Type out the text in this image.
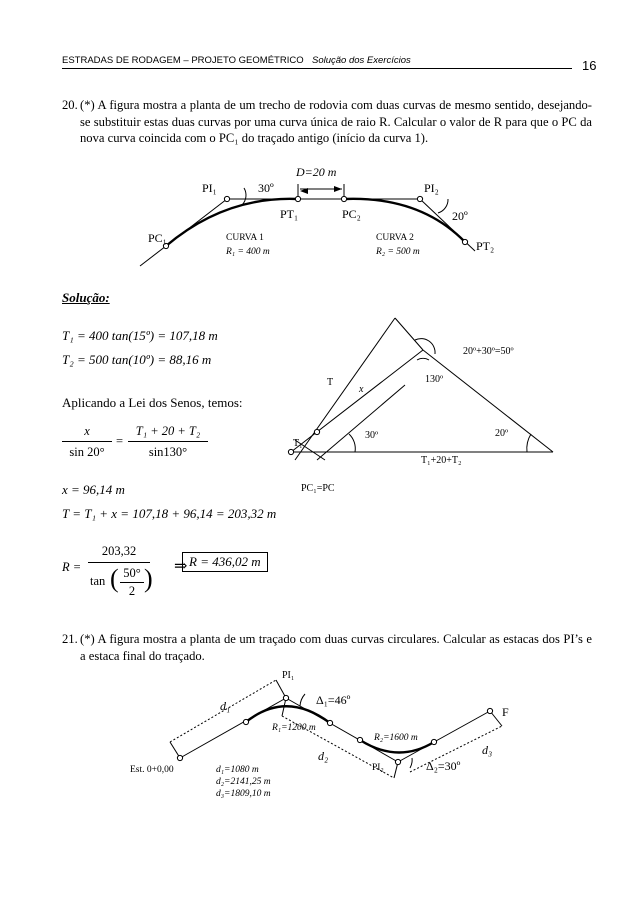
ESTRADAS DE RODAGEM – PROJETO GEOMÉTRICO Solução dos Exercícios	16
20. (*) A figura mostra a planta de um trecho de rodovia com duas curvas de mesmo sentido, desejando-se substituir estas duas curvas por uma curva única de raio R. Calcular o valor de R para que o PC da nova curva coincida com o PC₁ do traçado antigo (início da curva 1).
D=20 m
PI₁	30º	PI₂
20º
PT₁	PC₂
PC₁
PT₂
CURVA 1
R₁ = 400 m
CURVA 2
R₂ = 500 m
Solução:
T₁ = 400 tan(15º) = 107,18 m
T₂ = 500 tan(10º) = 88,16 m
Aplicando a Lei dos Senos, temos:
x
sin 20°
=
T₁ + 20 + T₂
sin130°
x = 96,14 m
T = T₁ + x = 107,18 + 96,14 = 203,32 m
R =
203,32
tan ( 50°
2 ) ⇒ R = 436,02 m
20º+30º=50º
T
x
130º
T₁
30º	20º
T₁+20+T₂
PC₁=PC
21. (*) A figura mostra a planta de um traçado com duas curvas circulares. Calcular as estacas dos PI’s e a estaca final do traçado.
PI₁
Δ₁=46º
d₁	F
d₂	d₃
Δ₂=30º
R₁=1200 m
R₂=1600 m
PI₂
Est. 0+0,00	d₁=1080 m
d₂=2141,25 m
d₃=1809,10 m
